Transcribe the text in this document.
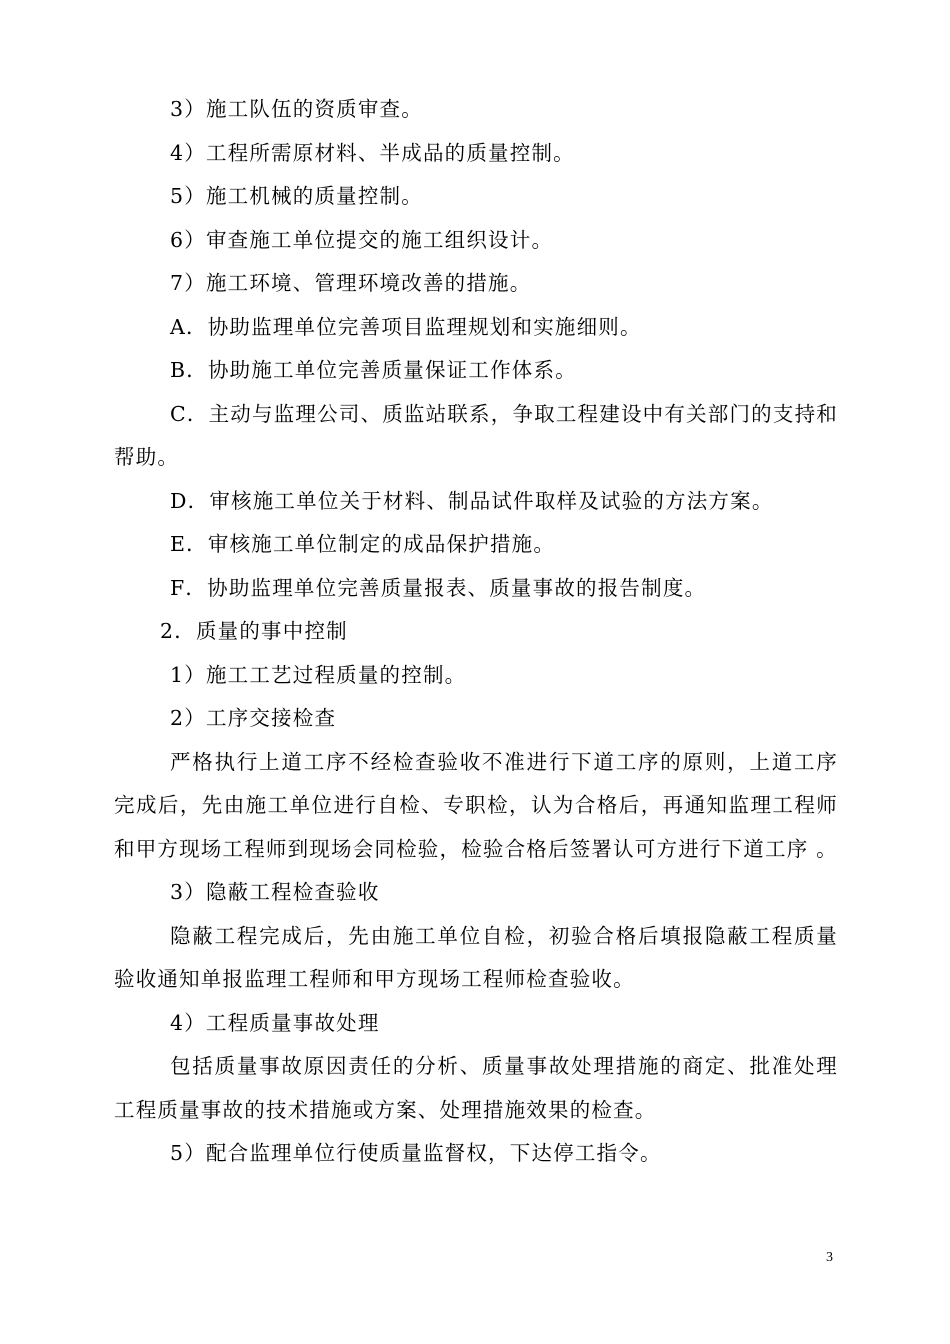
3）施工队伍的资质审查。

4）工程所需原材料、半成品的质量控制。

5）施工机械的质量控制。

6）审查施工单位提交的施工组织设计。

7）施工环境、管理环境改善的措施。

A．协助监理单位完善项目监理规划和实施细则。

B．协助施工单位完善质量保证工作体系。

C．主动与监理公司、质监站联系，争取工程建设中有关部门的支持和帮助。

D．审核施工单位关于材料、制品试件取样及试验的方法方案。

E．审核施工单位制定的成品保护措施。

F．协助监理单位完善质量报表、质量事故的报告制度。

2．质量的事中控制

1）施工工艺过程质量的控制。

2）工序交接检查

严格执行上道工序不经检查验收不准进行下道工序的原则，上道工序完成后，先由施工单位进行自检、专职检，认为合格后，再通知监理工程师和甲方现场工程师到现场会同检验，检验合格后签署认可方进行下道工序 。

3）隐蔽工程检查验收

隐蔽工程完成后，先由施工单位自检，初验合格后填报隐蔽工程质量验收通知单报监理工程师和甲方现场工程师检查验收。

4）工程质量事故处理

包括质量事故原因责任的分析、质量事故处理措施的商定、批准处理工程质量事故的技术措施或方案、处理措施效果的检查。

5）配合监理单位行使质量监督权，下达停工指令。

3
